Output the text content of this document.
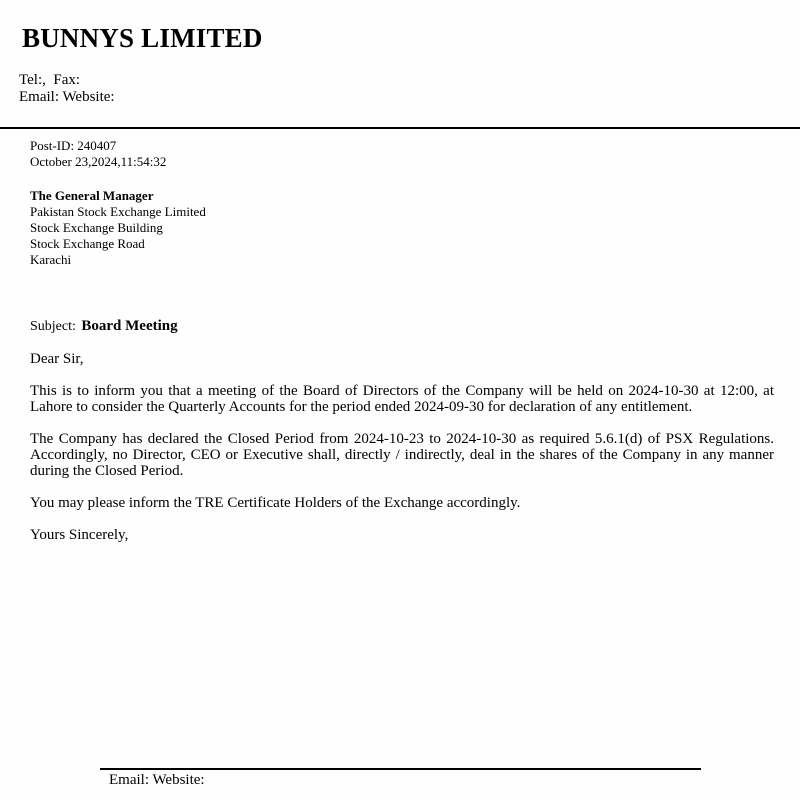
BUNNYS LIMITED
Tel:,  Fax:
Email: Website:
Post-ID: 240407
October 23,2024,11:54:32
The General Manager
Pakistan Stock Exchange Limited
Stock Exchange Building
Stock Exchange Road
Karachi
Subject: Board Meeting
Dear Sir,
This is to inform you that a meeting of the Board of Directors of the Company will be held on 2024-10-30 at 12:00, at Lahore to consider the Quarterly Accounts for the period ended 2024-09-30 for declaration of any entitlement.
The Company has declared the Closed Period from 2024-10-23 to 2024-10-30 as required 5.6.1(d) of PSX Regulations. Accordingly, no Director, CEO or Executive shall, directly / indirectly, deal in the shares of the Company in any manner during the Closed Period.
You may please inform the TRE Certificate Holders of the Exchange accordingly.
Yours Sincerely,
Email: Website:
